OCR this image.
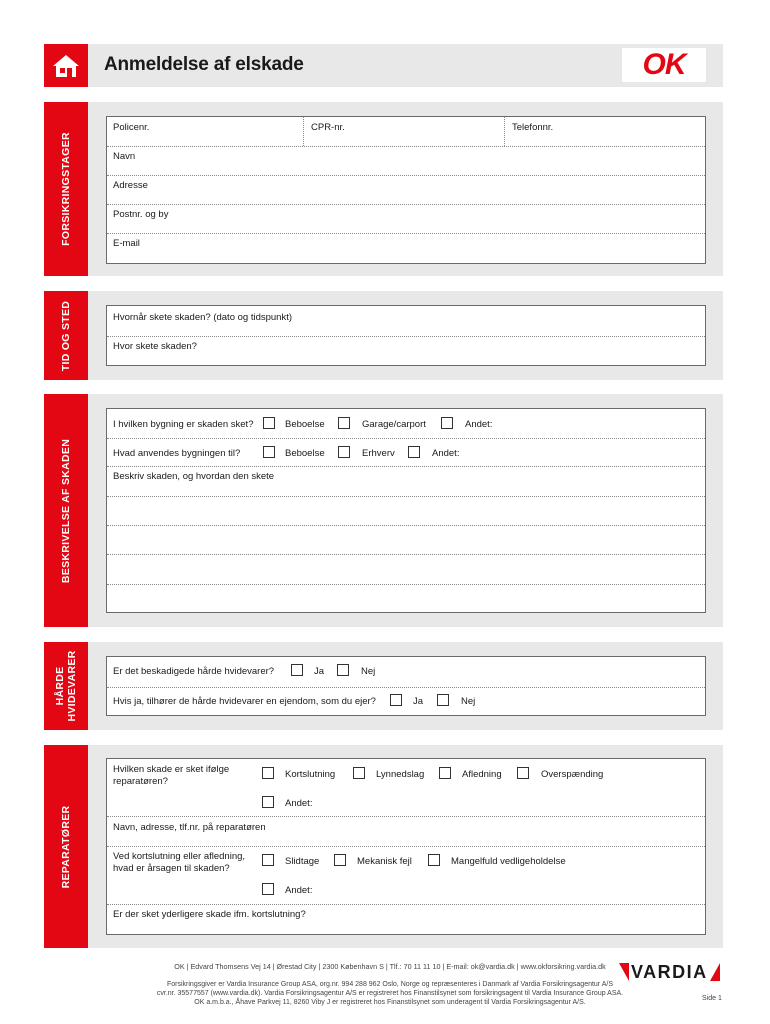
Anmeldelse af elskade	OK
FORSIKRINGSTAGER
Policenr.	CPR-nr.	Telefonnr.
Navn
Adresse
Postnr. og by
E-mail
TID OG STED	Hvornår skete skaden? (dato og tidspunkt)
Hvor skete skaden?
BESKRIVELSE AF SKADEN
I hvilken bygning er skaden sket?	Beboelse	Garage/carport	Andet:
Hvad anvendes bygningen til?	Beboelse	Erhverv	Andet:
Beskriv skaden, og hvordan den skete
HÅRDE
HVIDEVARER	Er det beskadigede hårde hvidevarer?	Ja	Nej
Hvis ja, tilhører de hårde hvidevarer en ejendom, som du ejer?	Ja	Nej
REPARATØRER
Hvilken skade er sket ifølge
reparatøren?
Kortslutning	Lynnedslag	Afledning	Overspænding
Andet:
Navn, adresse, tlf.nr. på reparatøren
Ved kortslutning eller afledning,
hvad er årsagen til skaden?
Slidtage	Mekanisk fejl	Mangelfuld vedligeholdelse
Andet:
Er der sket yderligere skade ifm. kortslutning?
OK | Edvard Thomsens Vej 14 | Ørestad City | 2300 København S | Tlf.: 70 11 11 10 | E-mail: ok@vardia.dk | www.okforsikring.vardia.dk
Forsikringsgiver er Vardia Insurance Group ASA, org.nr. 994 288 962 Oslo, Norge og repræsenteres i Danmark af Vardia Forsikringsagentur A/S
cvr.nr. 35577557 (www.vardia.dk). Vardia Forsikringsagentur A/S er registreret hos Finanstilsynet som forsikringsagent til Vardia Insurance Group ASA.
OK a.m.b.a., Åhave Parkvej 11, 8260 Viby J er registreret hos Finanstilsynet som underagent til Vardia Forsikringsagentur A/S.
VARDIA
Side 1
